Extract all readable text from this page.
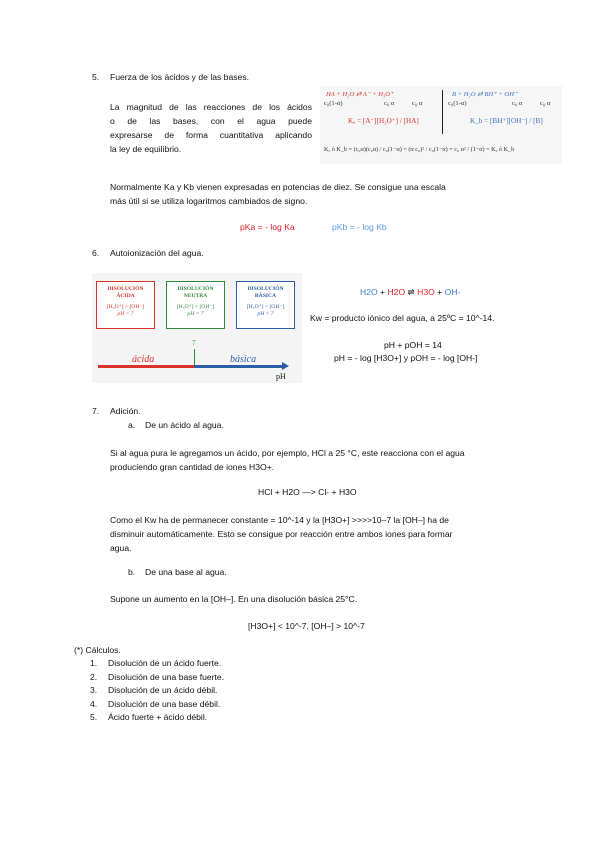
5. Fuerza de los ácidos y de las bases.
La magnitud de las reacciones de los ácidos
o de las bases, con el agua puede
expresarse de forma cuantitativa aplicando
la ley de equilibrio.
HA + H₂O ⇄ A⁻ + H₃O⁺
c₀(1-α)	c₀ α	c₀ α
Kₐ = [A⁻][H₃O⁺] / [HA]
B + H₂O ⇄ BH⁺ + OH⁻
c₀(1-α)	c₀ α	c₀ α
K_b = [BH⁺][OH⁻] / [B]
Kₐ ó K_b = (c₀α)(c₀α) / c₀(1−α) = (α c₀)² / c₀(1−α) = c₀ α² / (1−α) = Kₐ ó K_b
Normalmente Ka y Kb vienen expresadas en potencias de diez. Se consigue una escala
más útil si se utiliza logaritmos cambiados de signo.
pKa = - log Ka	pKb = - log Kb
6. Autoionización del agua.
DISOLUCIÓN
ÁCIDA
[H₃O⁺] > [OH⁻]
pH < 7
DISOLUCIÓN
NEUTRA
[H₃O⁺] = [OH⁻]
pH = 7
DISOLUCIÓN
BÁSICA
[H₃O⁺] < [OH⁻]
pH > 7
7
ácida	básica
pH
H2O + H2O ⇌ H3O + OH-
Kw = producto iónico del agua, a 25ºC = 10^-14.
pH + pOH = 14
pH = - log [H3O+] y pOH = - log [OH-]
7. Adición.
a. De un ácido al agua.
Si al agua pura le agregamos un ácido, por ejemplo, HCl a 25 °C, este reacciona con el agua
produciendo gran cantidad de iones H3O+.
HCl + H2O —> Cl- + H3O
Como el Kw ha de permanecer constante = 10^-14 y la [H3O+] >>>>10–7 la [OH–] ha de
disminuir automáticamente. Esto se consigue por reacción entre ambos iones para formar
agua.
b. De una base al agua.
Supone un aumento en la [OH–]. En una disolución básica 25°C.
[H3O+] < 10^-7. [OH–] > 10^-7
(*) Cálculos.
1. Disolución de un ácido fuerte.
2. Disolución de una base fuerte.
3. Disolución de un ácido débil.
4. Disolución de una base débil.
5. Ácido fuerte + ácido débil.
